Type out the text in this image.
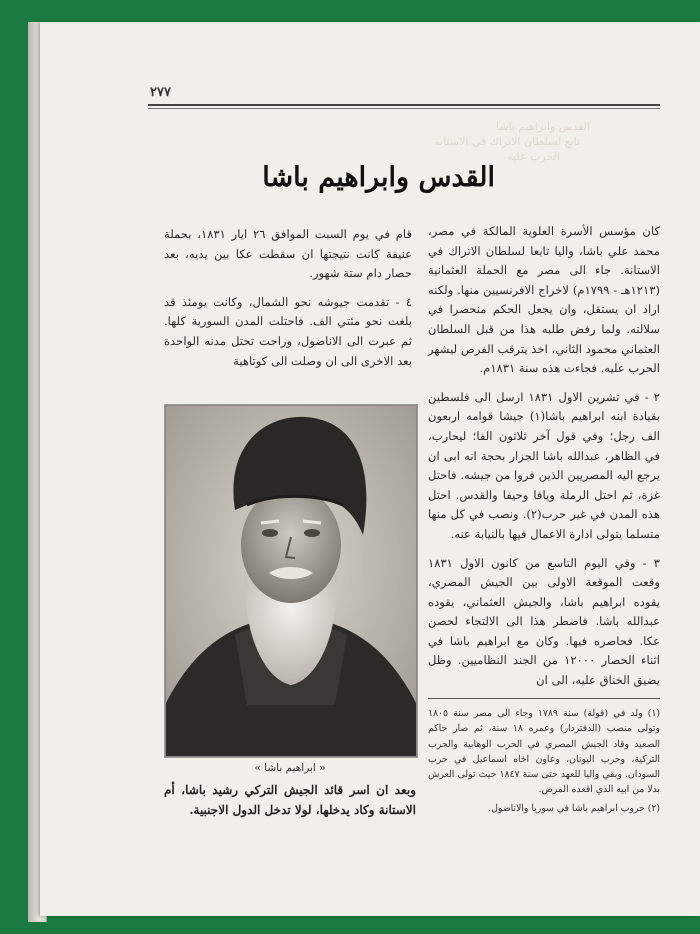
القدس وابراهيم باشا
تابع لسلطان الاتراك في الاستانة
الحرب عليه
٢٧٧
القدس وابراهيم باشا

كان مؤسس الأسرة العلوية المالكة في مصر، محمد علي باشا، واليا تابعا لسلطان الاتراك في الاستانة. جاء الى مصر مع الحملة العثمانية (١٢١٣هـ - ١٧٩٩م) لاخراج الافرنسيين منها. ولكنه اراد ان يستقل، وان يجعل الحكم منحصرا في سلالته. ولما رفض طلبه هذا من قبل السلطان العثماني محمود الثاني، اخذ يترقب الفرص ليشهر الحرب عليه. فجاءت هذه سنة ١٨٣١م.

٢ - في تشرين الاول ١٨٣١ ارسل الى فلسطين بقيادة ابنه ابراهيم باشا(١) جيشا قوامه اربعون الف رجل؛ وفي قول آخر ثلاثون الفا؛ ليحارب، في الظاهر، عبدالله باشا الجزار بحجة انه ابى ان يرجع اليه المصريين الذين فروا من جيشه. فاحتل غزة، ثم احتل الرملة ويافا وحيفا والقدس. احتل هذه المدن في غير حرب(٢). ونصب في كل منها متسلما يتولى ادارة الاعمال فيها بالنيابة عنه.

٣ - وفي اليوم التاسع من كانون الاول ١٨٣١ وقعت الموقعة الاولى بين الجيش المصري، يقوده ابراهيم باشا، والجيش العثماني، يقوده عبدالله باشا. فاضطر هذا الى الالتجاء لحصن عكا. فحاصره فيها. وكان مع ابراهيم باشا في اثناء الحصار ١٢٠٠٠ من الجند النظاميين. وظل يضيق الخناق عليه، الى ان

(١) ولد في (قولة) سنة ١٧٨٩ وجاء الى مصر سنة ١٨٠٥ وتولى منصب (الدفتردار) وعمره ١٨ سنة، ثم صار حاكم الصعيد وقاد الجيش المصري في الحرب الوهابية والحرب التركية، وحرب اليونان، وعاون اخاه اسماعيل في حرب السودان. وبقي واليا للعهد حتى سنة ١٨٤٧ حيث تولى العرش بدلا من ابيه الذي اقعده المرض.

(٢) حروب ابراهيم باشا في سوريا والاناضول.

قام في يوم السبت الموافق ٢٦ ايار ١٨٣١، بحملة عنيفة كانت نتيجتها ان سقطت عكا بين يديه، بعد حصار دام ستة شهور.

٤ - تقدمت جيوشه نحو الشمال، وكانت يومئذ قد بلغت نحو مئتي الف. فاحتلت المدن السورية كلها. ثم عبرت الى الاناضول، وراحت تحتل مدنه الواحدة بعد الاخرى الى ان وصلت الى كوتاهية

« ابراهيم باشا »
وبعد ان اسر قائد الجيش التركي رشيد باشا، أم الاستانة وكاد يدخلها، لولا تدخل الدول الاجنبية.
